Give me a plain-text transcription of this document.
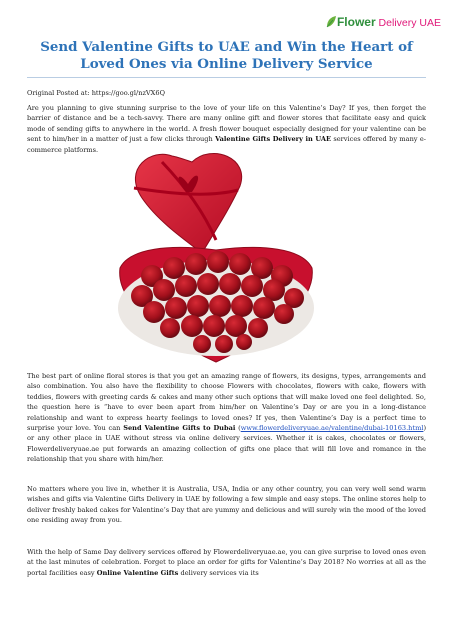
Flower Delivery UAE
Send Valentine Gifts to UAE and Win the Heart of Loved Ones via Online Delivery Service

Original Posted at: https://goo.gl/nzVX6Q

Are you planning to give stunning surprise to the love of your life on this Valentine’s Day? If yes, then forget the barrier of distance and be a tech-savvy. There are many online gift and flower stores that facilitate easy and quick mode of sending gifts to anywhere in the world. A fresh flower bouquet especially designed for your valentine can be sent to him/her in a matter of just a few clicks through Valentine Gifts Delivery in UAE services offered by many e-commerce platforms.

The best part of online floral stores is that you get an amazing range of flowers, its designs, types, arrangements and also combination. You also have the flexibility to choose Flowers with chocolates, flowers with cake, flowers with teddies, flowers with greeting cards & cakes and many other such options that will make loved one feel delighted. So, the question here is “have to ever been apart from him/her on Valentine’s Day or are you in a long-distance relationship and want to express hearty feelings to loved ones? If yes, then Valentine’s Day is a perfect time to surprise your love. You can Send Valentine Gifts to Dubai (www.flowerdeliveryuae.ae/valentine/dubai-10163.html) or any other place in UAE without stress via online delivery services. Whether it is cakes, chocolates or flowers, Flowerdeliveryuae.ae put forwards an amazing collection of gifts one place that will fill love and romance in the relationship that you share with him/her.

No matters where you live in, whether it is Australia, USA, India or any other country, you can very well send warm wishes and gifts via Valentine Gifts Delivery in UAE by following a few simple and easy steps. The online stores help to deliver freshly baked cakes for Valentine’s Day that are yummy and delicious and will surely win the mood of the loved one residing away from you.

With the help of Same Day delivery services offered by Flowerdeliveryuae.ae, you can give surprise to loved ones even at the last minutes of celebration. Forget to place an order for gifts for Valentine’s Day 2018? No worries at all as the portal facilities easy Online Valentine Gifts delivery services via its
